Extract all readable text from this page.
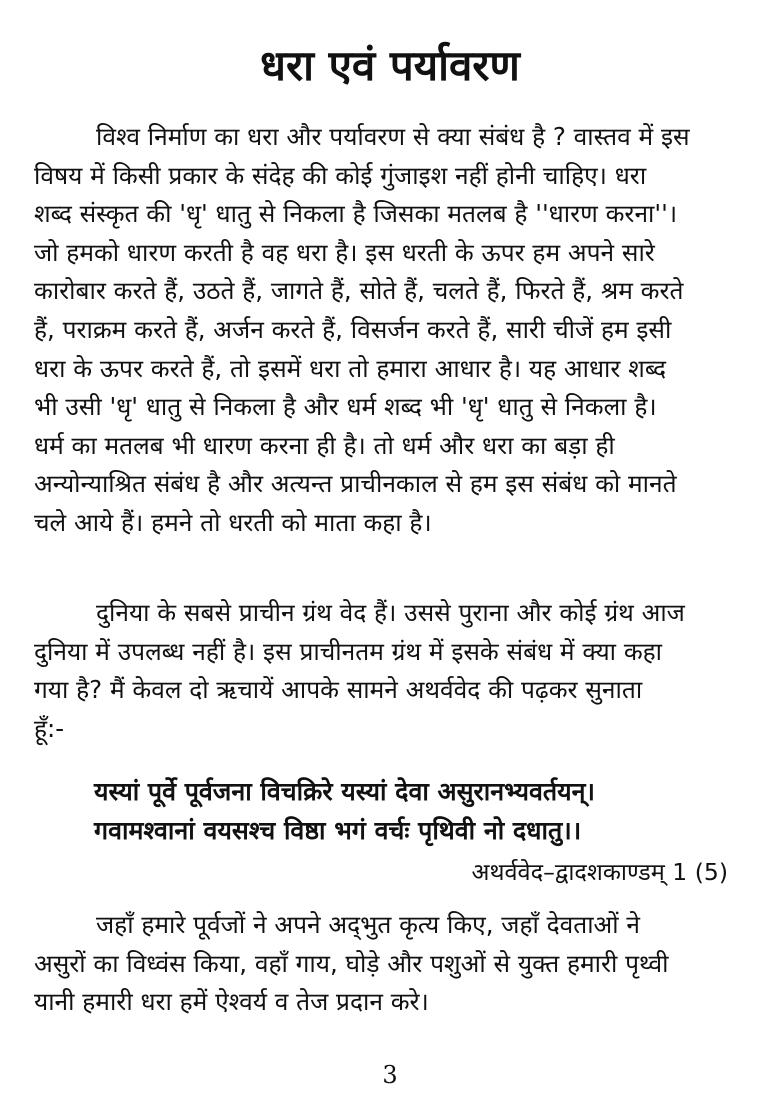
धरा एवं पर्यावरण

विश्व निर्माण का धरा और पर्यावरण से क्या संबंध है ? वास्तव में इस
विषय में किसी प्रकार के संदेह की कोई गुंजाइश नहीं होनी चाहिए। धरा
शब्द संस्कृत की 'धृ' धातु से निकला है जिसका मतलब है ''धारण करना''।
जो हमको धारण करती है वह धरा है। इस धरती के ऊपर हम अपने सारे
कारोबार करते हैं, उठते हैं, जागते हैं, सोते हैं, चलते हैं, फिरते हैं, श्रम करते
हैं, पराक्रम करते हैं, अर्जन करते हैं, विसर्जन करते हैं, सारी चीजें हम इसी
धरा के ऊपर करते हैं, तो इसमें धरा तो हमारा आधार है। यह आधार शब्द
भी उसी 'धृ' धातु से निकला है और धर्म शब्द भी 'धृ' धातु से निकला है।
धर्म का मतलब भी धारण करना ही है। तो धर्म और धरा का बड़ा ही
अन्योन्याश्रित संबंध है और अत्यन्त प्राचीनकाल से हम इस संबंध को मानते
चले आये हैं। हमने तो धरती को माता कहा है।

दुनिया के सबसे प्राचीन ग्रंथ वेद हैं। उससे पुराना और कोई ग्रंथ आज
दुनिया में उपलब्ध नहीं है। इस प्राचीनतम ग्रंथ में इसके संबंध में क्या कहा
गया है? मैं केवल दो ऋचायें आपके सामने अथर्ववेद की पढ़कर सुनाता
हूँ:-

यस्यां पूर्वे पूर्वजना विचक्रिरे यस्यां देवा असुरानभ्यवर्तयन्।
गवामश्वानां वयसश्च विष्ठा भगं वर्चः पृथिवी नो दधातु।।
अथर्ववेद–द्वादशकाण्डम् 1 (5)

जहाँ हमारे पूर्वजों ने अपने अद्‌भुत कृत्य किए, जहाँ देवताओं ने
असुरों का विध्वंस किया, वहाँ गाय, घोड़े और पशुओं से युक्त हमारी पृथ्वी
यानी हमारी धरा हमें ऐश्वर्य व तेज प्रदान करे।

3
